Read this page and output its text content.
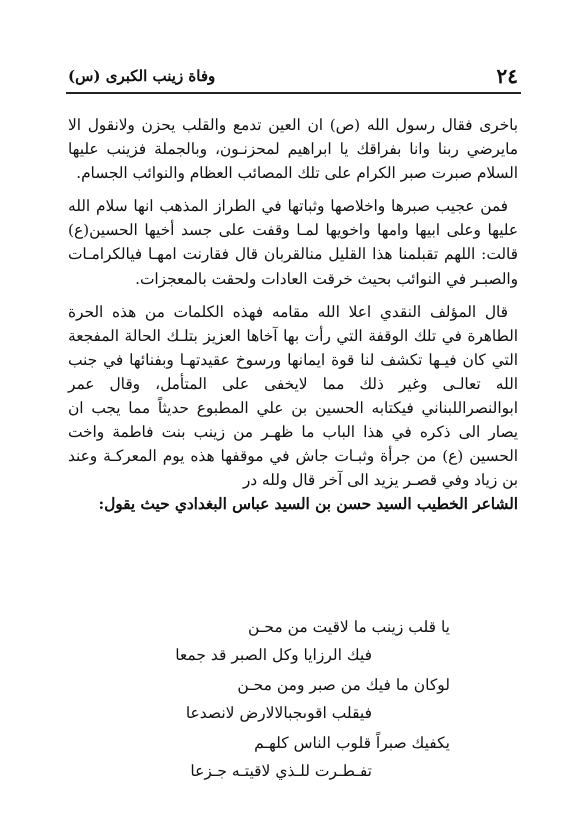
٢٤
وفاة زينب الكبرى (س)

باخرى فقال رسول الله (ص) ان العين تدمع والقلب يحزن ولانقول الا مايرضي ربنا وانا بفراقك يا ابراهيم لمحزنـون، وبالجملة فزينب عليها السلام صبرت صبر الكرام على تلك المصائب العظام والنوائب الجسام.

فمن عجيب صبرها واخلاصها وثباتها في الطراز المذهب انها سلام الله عليها وعلى ابيها وامها واخويها لمـا وقفت على جسد أخيها الحسين(ع) قالت: اللهم تقبلمنا هذا القليل منالقربان قال فقارنت امهـا فيالكرامـات والصبـر في النوائب بحيث خرقت العادات ولحقت بالمعجزات.

قال المؤلف النقدي اعلا الله مقامه فهذه الكلمات من هذه الحرة الطاهرة في تلك الوقفة التي رأت بها آخاها العزيز بتلـك الحالة المفجعة التي كان فيـها تكشف لنا قوة ايمانها ورسوخ عقيدتهـا وبفنائها في جنب الله تعالـى وغير ذلك مما لايخفى على المتأمل، وقال عمر ابوالنصراللبناني فيكتابه الحسين بن علي المطبوع حديثاً مما يجب ان يصار الى ذكره في هذا الباب ما ظهـر من زينب بنت فاطمة واخت الحسين (ع) من جرأة وثبـات جاش في موقفها هذه يوم المعركـة وعند بن زياد وفي قصـر يزيد الى آخر قال ولله در

الشاعر الخطيب السيد حسن بن السيد عباس البغدادي حيث يقول:

يا قلب زينب ما لاقيت من محـن
فيك الرزايا وكل الصبر قد جمعا
لوكان ما فيك من صبر ومن محـن
فيقلب اقوىجبالالارض لانصدعا
يكفيك صبراً قلوب الناس كلهـم
تفـطـرت للـذي لاقيتـه جـزعا
